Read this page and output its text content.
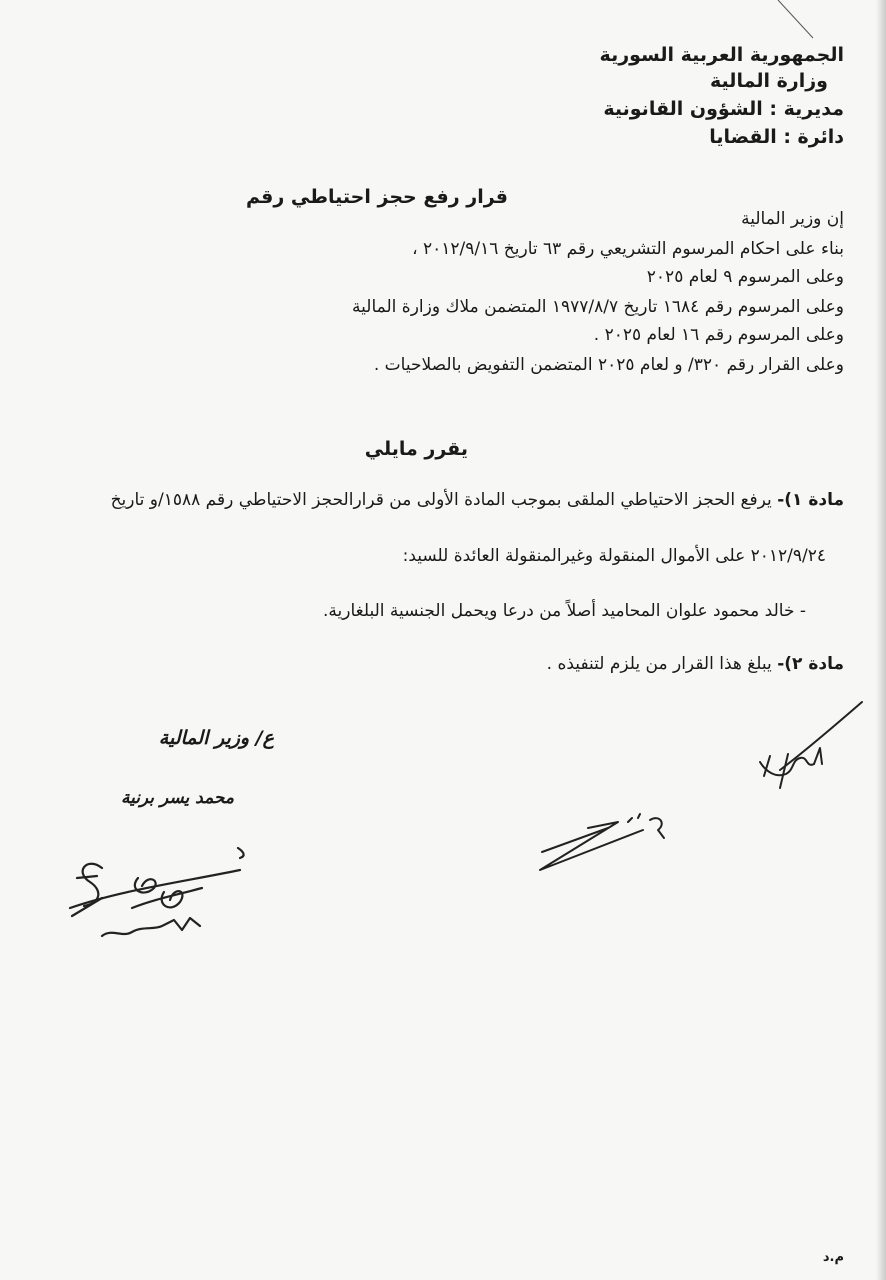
الجمهورية العربية السورية
وزارة المالية
مديرية : الشؤون القانونية
دائرة : القضايا
قرار رفع حجز احتياطي رقم
إن وزير المالية
بناء على احكام المرسوم التشريعي رقم ٦٣ تاريخ ٢٠١٢/٩/١٦ ،
وعلى المرسوم ٩ لعام ٢٠٢٥
وعلى المرسوم رقم ١٦٨٤ تاريخ ١٩٧٧/٨/٧ المتضمن ملاك وزارة المالية
وعلى المرسوم رقم ١٦ لعام ٢٠٢٥ .
وعلى القرار رقم ٣٢٠/ و لعام ٢٠٢٥ المتضمن التفويض بالصلاحيات .
يقرر مايلي
مادة ١)- يرفع الحجز الاحتياطي الملقى بموجب المادة الأولى من قرارالحجز الاحتياطي رقم ١٥٨٨/و تاريخ
٢٠١٢/٩/٢٤ على الأموال المنقولة وغيرالمنقولة العائدة للسيد:
- خالد محمود علوان المحاميد أصلاً من درعا ويحمل الجنسية البلغارية.
مادة ٢)- يبلغ هذا القرار من يلزم لتنفيذه .
ع/ وزير المالية
محمد يسر برنية
م.د
